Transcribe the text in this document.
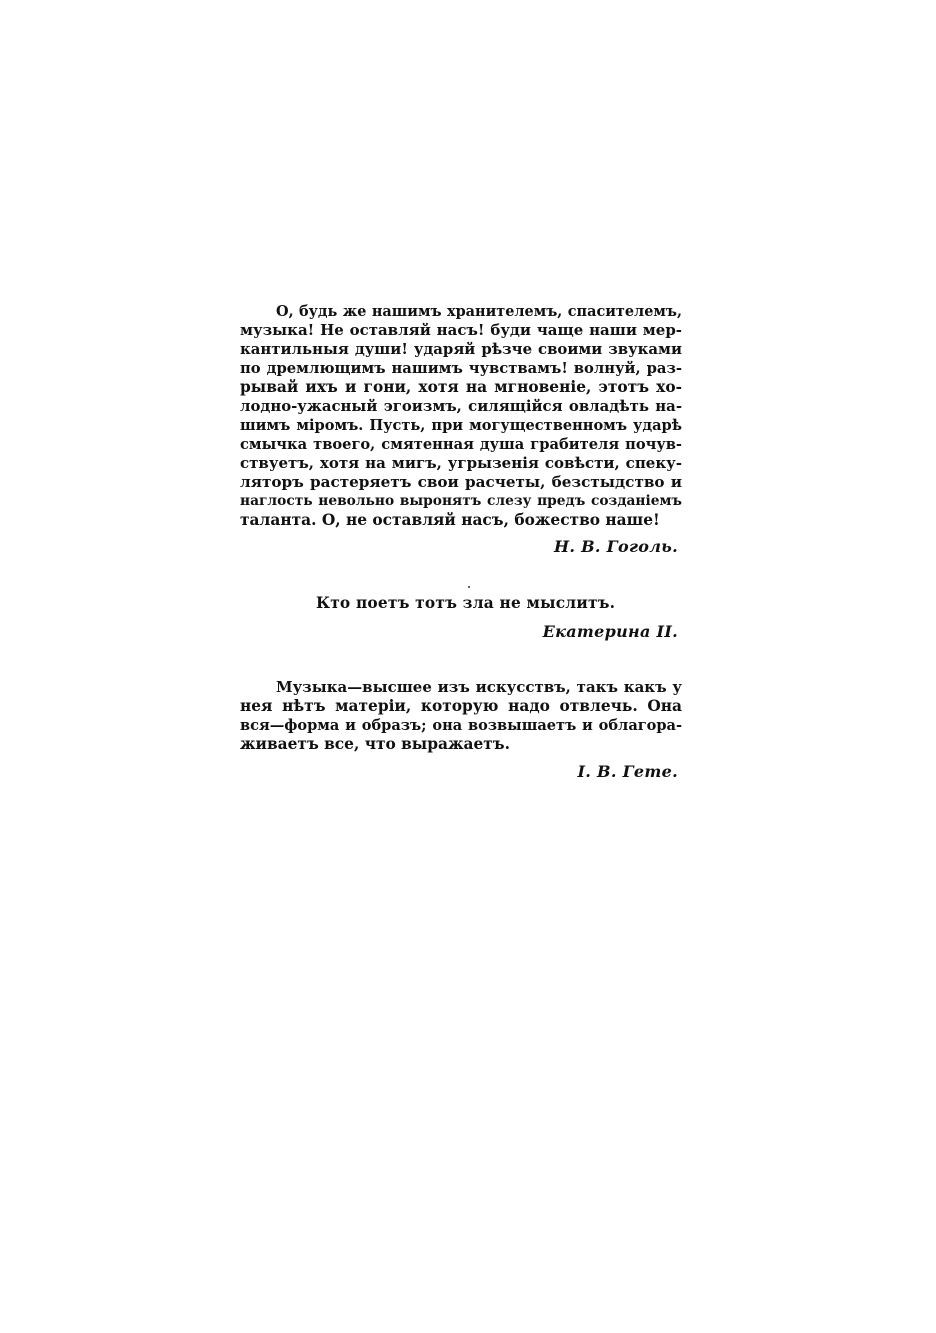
О, будь же нашимъ хранителемъ, спасителемъ,
музыка! Не оставляй насъ! буди чаще наши мер-
кантильныя души! ударяй рѣзче своими звуками
по дремлющимъ нашимъ чувствамъ! волнуй, раз-
рывай ихъ и гони, хотя на мгновеніе, этотъ хо-
лодно-ужасный эгоизмъ, силящійся овладѣть на-
шимъ міромъ. Пусть, при могущественномъ ударѣ
смычка твоего, смятенная душа грабителя почув-
ствуетъ, хотя на мигъ, угрызенія совѣсти, спеку-
ляторъ растеряетъ свои расчеты, безстыдство и
наглость невольно выронятъ слезу предъ созданіемъ
таланта. О, не оставляй насъ, божество наше!
Н. В. Гоголь.
Кто поетъ тотъ зла не мыслитъ.
Екатерина II.
Музыка—высшее изъ искусствъ, такъ какъ у
нея нѣтъ матеріи, которую надо отвлечь. Она
вся—форма и образъ; она возвышаетъ и облагора-
живаетъ все, что выражаетъ.
I. В. Гете.
